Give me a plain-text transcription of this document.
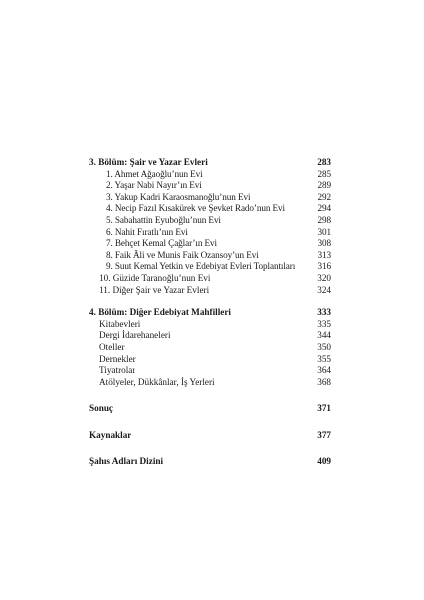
3. Bölüm: Şair ve Yazar Evleri	283
1. Ahmet Ağaoğlu’nun Evi	285
2. Yaşar Nabi Nayır’ın Evi	289
3. Yakup Kadri Karaosmanoğlu’nun Evi	292
4. Necip Fazıl Kısakürek ve Şevket Rado’nun Evi	294
5. Sabahattin Eyuboğlu’nun Evi	298
6. Nahit Fıratlı’nın Evi	301
7. Behçet Kemal Çağlar’ın Evi	308
8. Faik Âli ve Munis Faik Ozansoy’un Evi	313
9. Suut Kemal Yetkin ve Edebiyat Evleri Toplantıları	316
10. Güzide Taranoğlu’nun Evi	320
11. Diğer Şair ve Yazar Evleri	324
4. Bölüm: Diğer Edebiyat Mahfilleri	333
Kitabevleri	335
Dergi İdarehaneleri	344
Oteller	350
Dernekler	355
Tiyatrolar	364
Atölyeler, Dükkânlar, İş Yerleri	368
Sonuç	371
Kaynaklar	377
Şahıs Adları Dizini	409
